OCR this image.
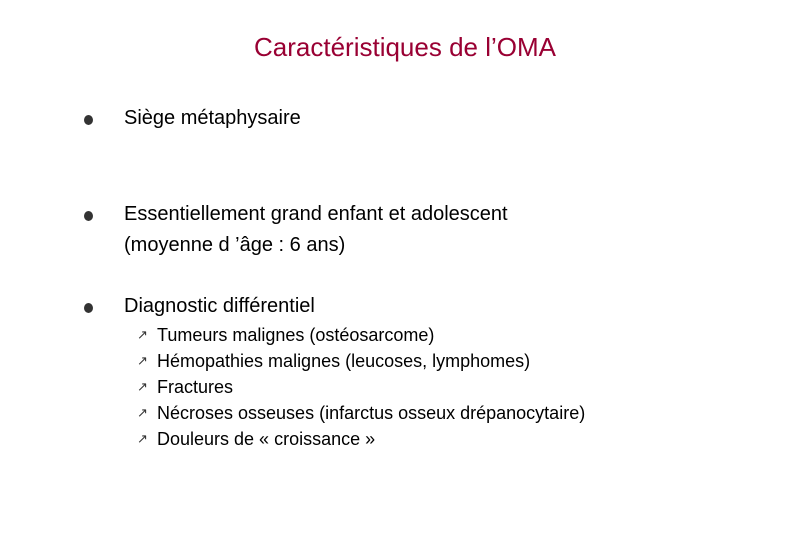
Caractéristiques de l’OMA
Siège métaphysaire
Essentiellement grand enfant et adolescent
(moyenne d ’âge : 6 ans)
Diagnostic différentiel
↗ Tumeurs malignes (ostéosarcome)
↗ Hémopathies malignes (leucoses, lymphomes)
↗ Fractures
↗ Nécroses osseuses (infarctus osseux drépanocytaire)
↗ Douleurs de « croissance »
